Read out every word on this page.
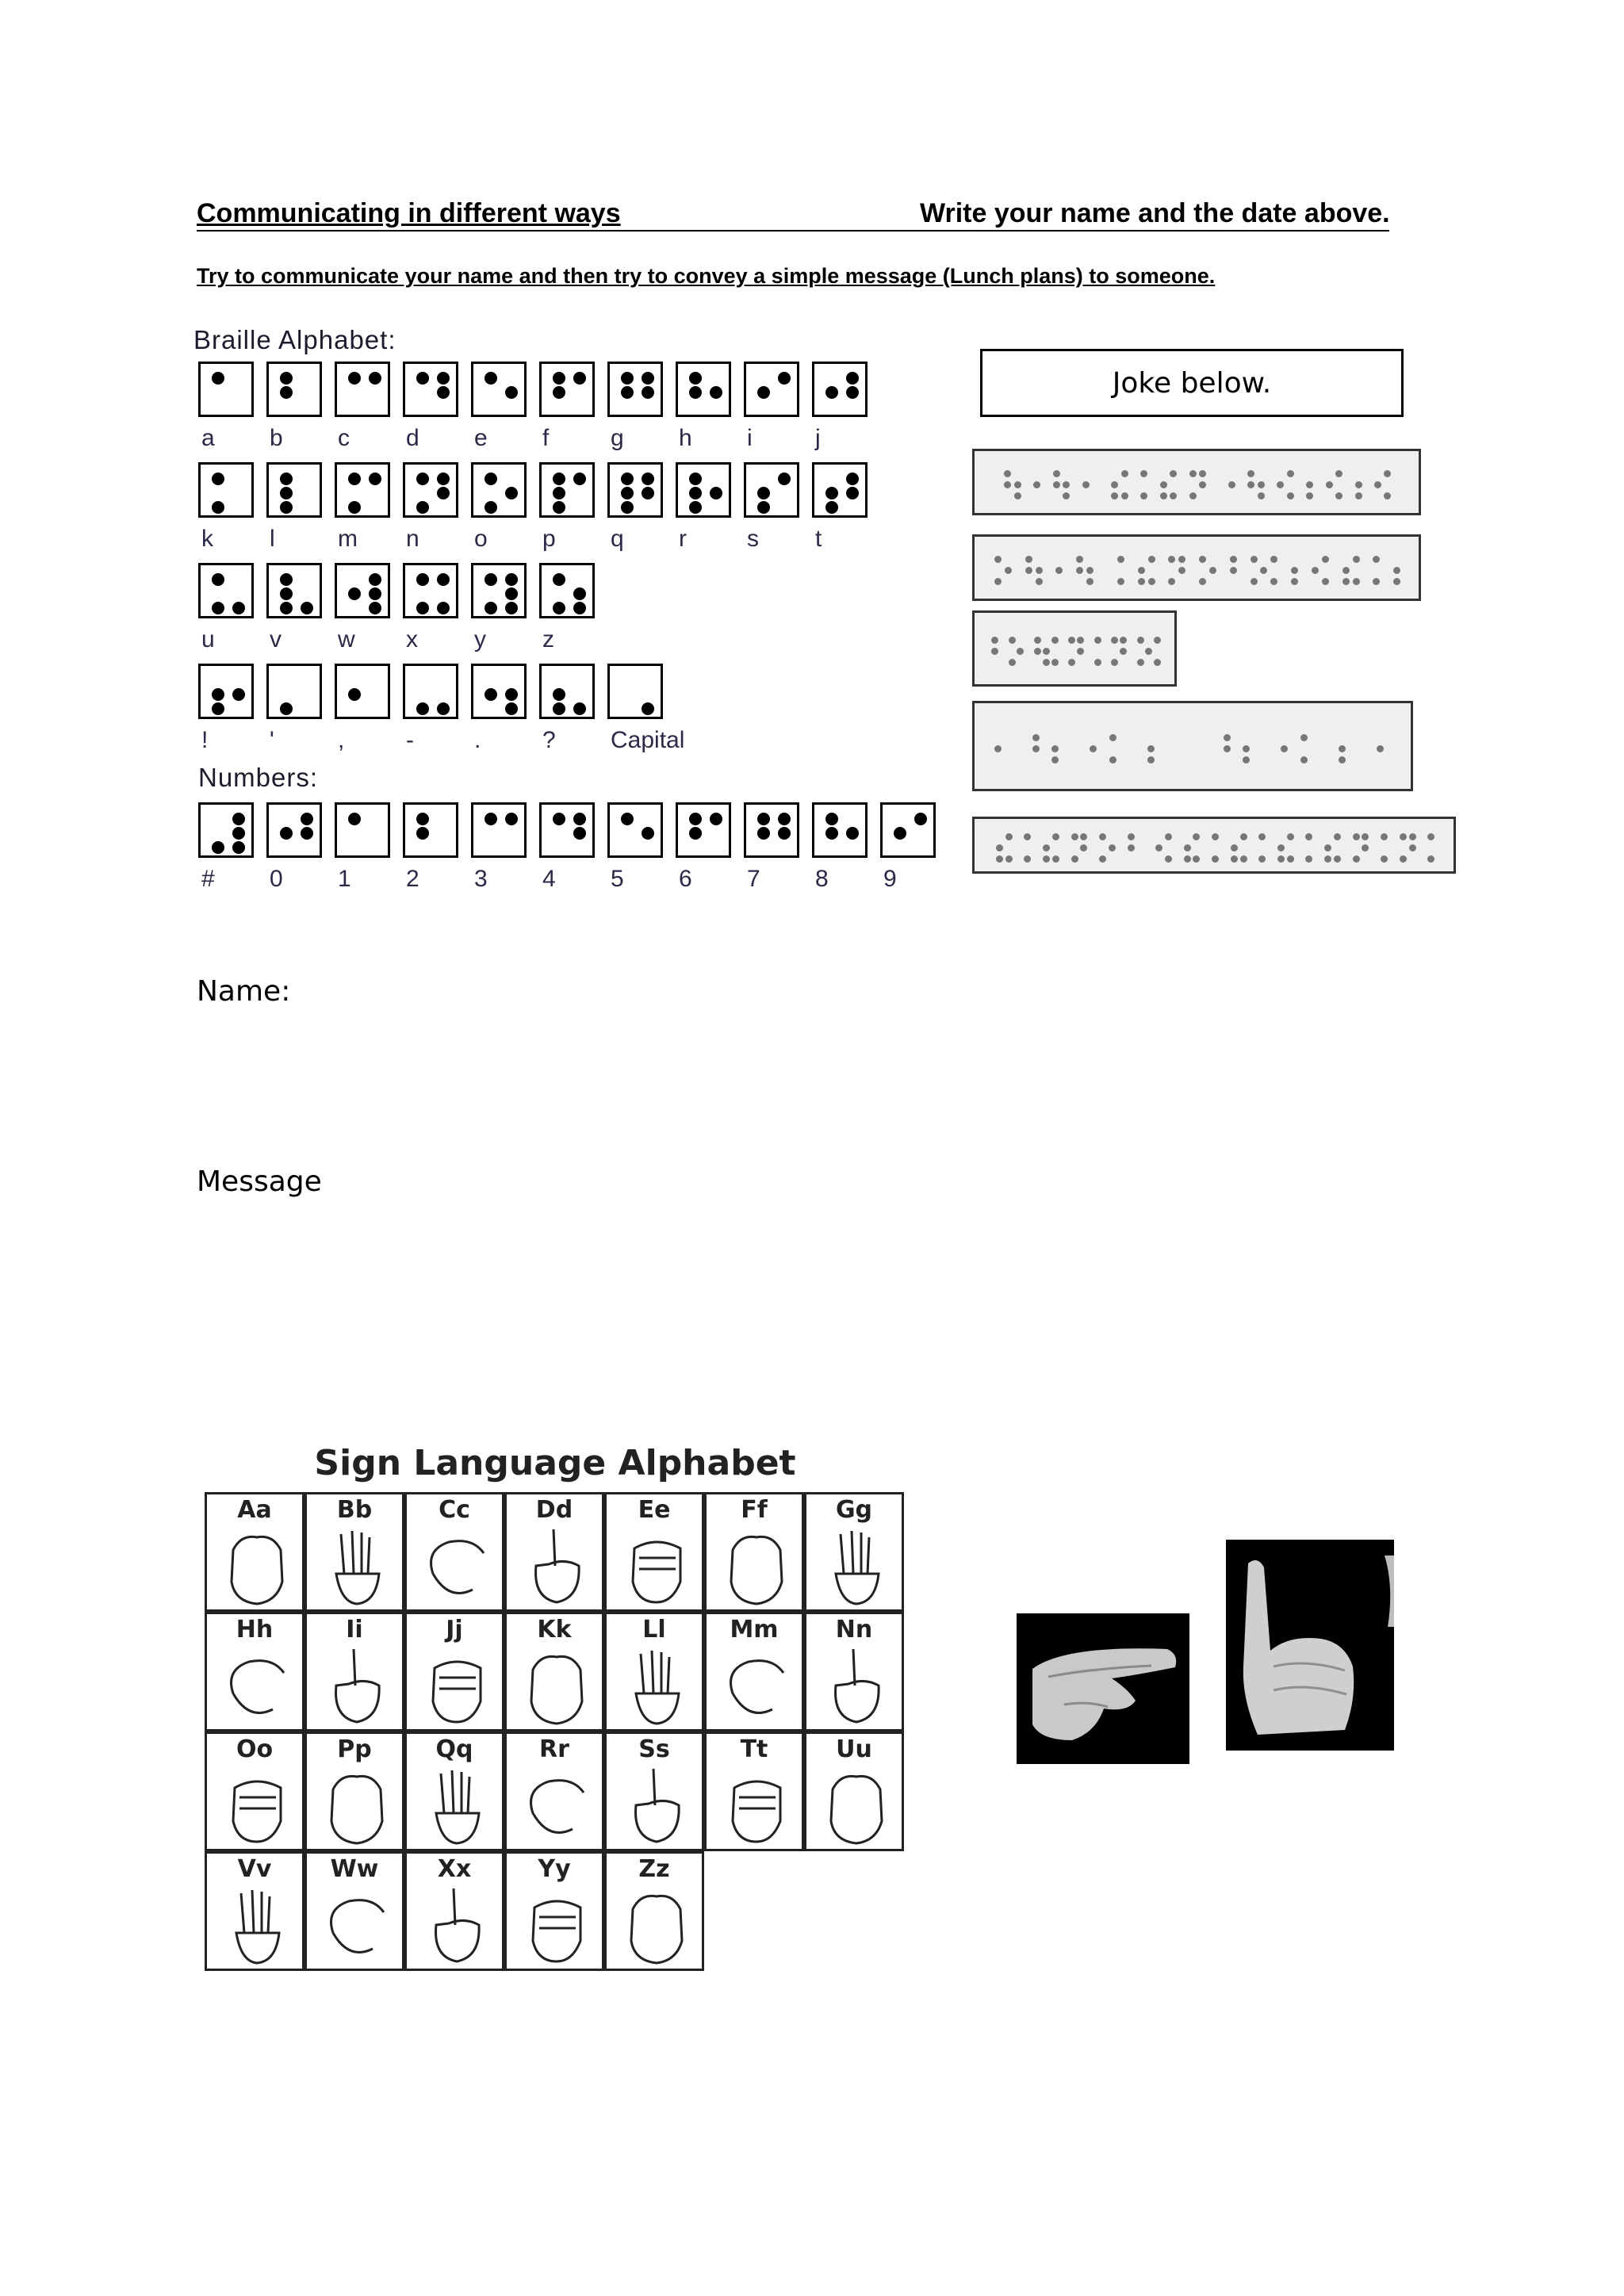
Communicating in different ways	Write your name and the date above.
Try to communicate your name and then try to convey a simple message (Lunch plans) to someone.
Braille Alphabet:
Numbers:
a	b	c	d	e	f	g	h	i	j
k	l	m	n	o	p	q	r	s	t
u	v	w	x	y	z
!	'	,	-	.	?	Capital
#	0	1	2	3	4	5	6	7	8	9
Joke below.
Name:
Message
Sign Language Alphabet
Aa	Bb	Cc	Dd	Ee	Ff	Gg
Hh	Ii	Jj	Kk	Ll	Mm	Nn
Oo	Pp	Qq	Rr	Ss	Tt	Uu
Vv	Ww	Xx	Yy	Zz
